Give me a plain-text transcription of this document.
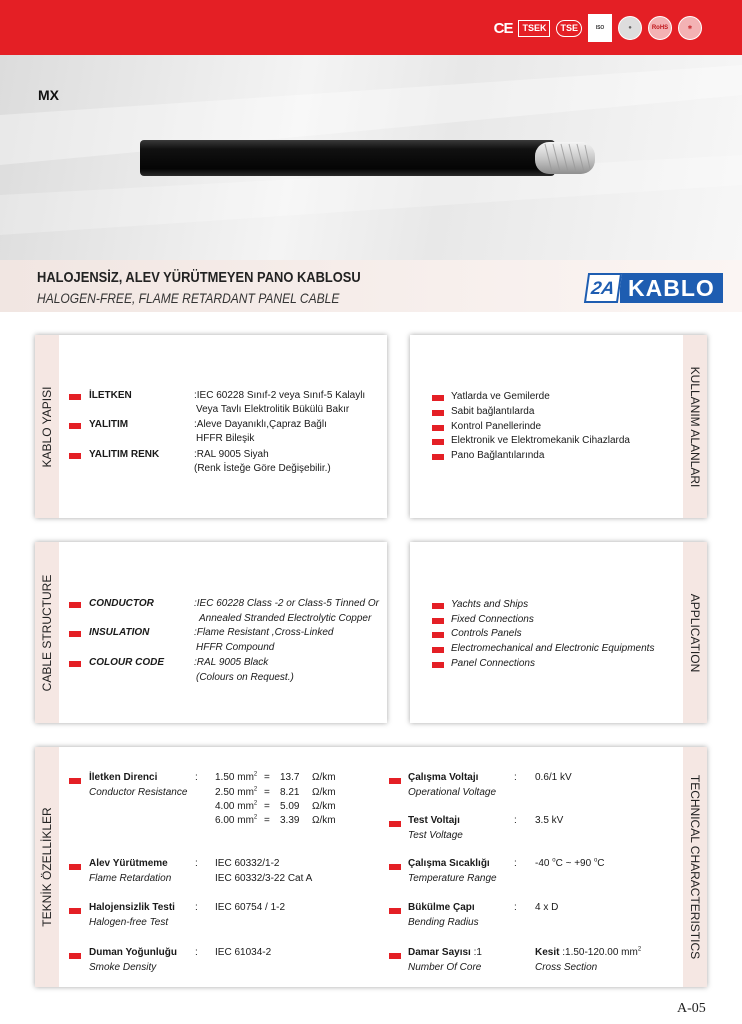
CE	TSEK	TSE	ISO	●	RoHS	✲
MX
HALOJENSİZ, ALEV YÜRÜTMEYEN PANO KABLOSU
HALOGEN-FREE, FLAME RETARDANT PANEL CABLE
2A KABLO
KABLO YAPISI	İLETKEN	:IEC 60228 Sınıf-2 veya Sınıf-5 Kalaylı
Veya Tavlı Elektrolitik Bükülü Bakır
YALITIM	:Aleve Dayanıklı,Çapraz Bağlı
HFFR Bileşik
YALITIM RENK	:RAL 9005 Siyah
(Renk İsteğe Göre Değişebilir.)	KULLANIM ALANLARI
Yatlarda ve Gemilerde
Sabit bağlantılarda
Kontrol Panellerinde
Elektronik ve Elektromekanik Cihazlarda
Pano Bağlantılarında
CABLE STRUCTURE	CONDUCTOR	:IEC 60228 Class -2 or Class-5 Tinned Or
Annealed Stranded Electrolytic Copper
INSULATION	:Flame Resistant ,Cross-Linked
HFFR Compound
COLOUR CODE	:RAL 9005 Black
(Colours on Request.)
APPLICATION
Yachts and Ships
Fixed Connections
Controls Panels
Electromechanical and Electronic Equipments
Panel Connections
TEKNİK ÖZELLİKLER	TECHNICAL CHARACTERISTICS
İletken Direnci
Conductor Resistance
: 1.50 $mm^2 = 13.7$ Ω/km
2.50 $mm^2 = 8.21$ Ω/km
4.00 $mm^2 = 5.09$ Ω/km
6.00 $mm^2 = 3.39$ Ω/km
Alev Yürütmeme
Flame Retardation
: IEC 60332/1-2
IEC 60332/3-22 Cat A
Halojensizlik Testi
Halogen-free Test
: IEC 60754 / 1-2
Duman Yoğunluğu
Smoke Density
: IEC 61034-2
Çalışma Voltajı
Operational Voltage
: 0.6/1 kV
Test Voltajı
Test Voltage
: 3.5 kV
Çalışma Sıcaklığı
Temperature Range
: -40 $^o$C ~ +90 $^o$C
Bükülme Çapı
Bending Radius
: 4 x D
Damar Sayısı :1
Number Of Core
Kesit :1.50-120.00 $mm^2$
Cross Section
A-05
